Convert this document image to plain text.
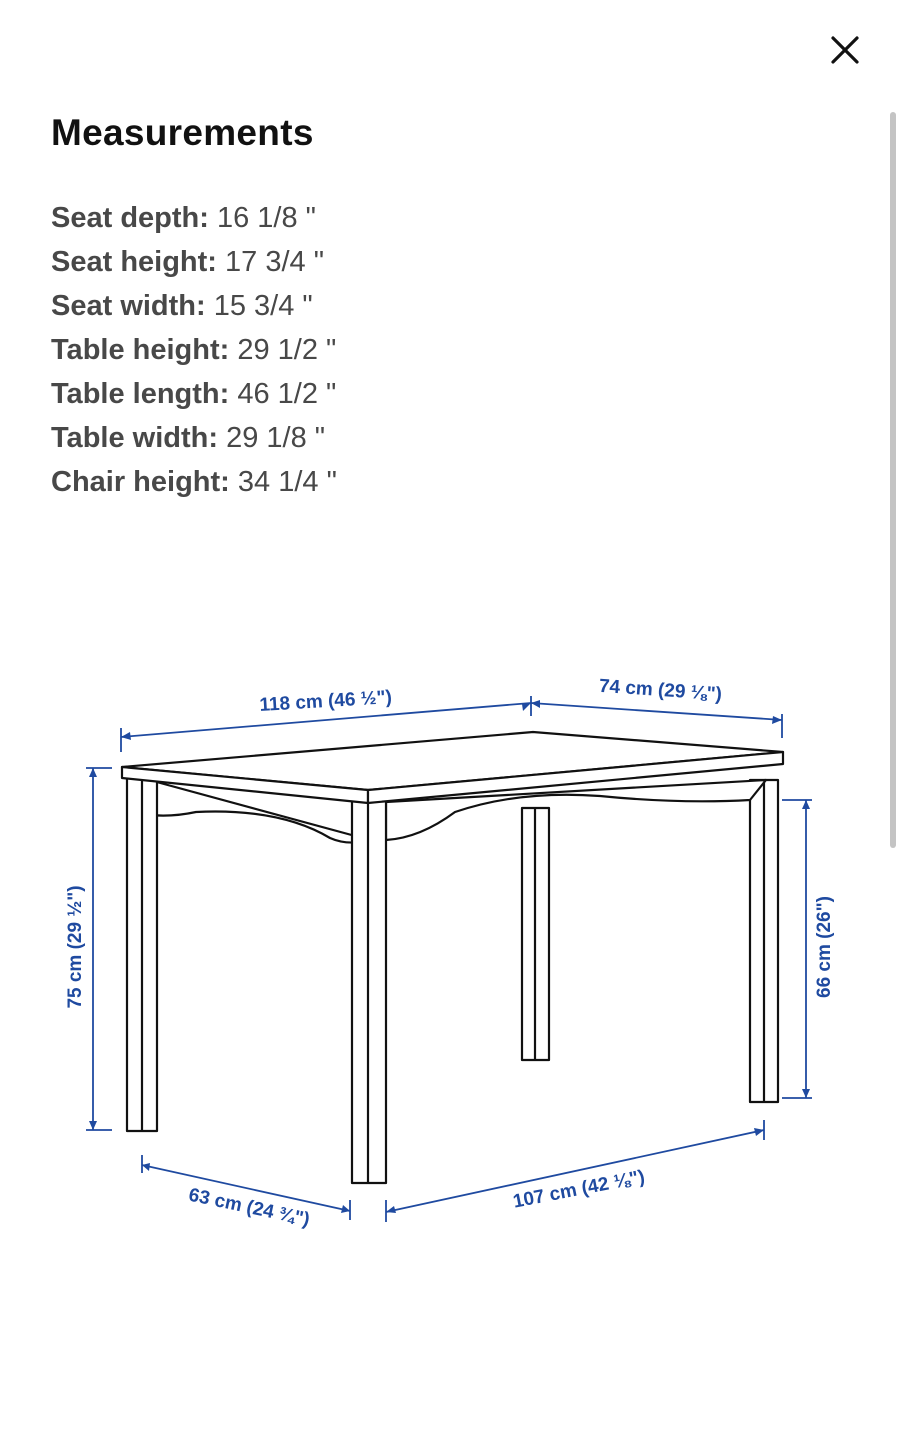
Measurements
Seat depth: 16 1/8 "
Seat height: 17 3/4 "
Seat width: 15 3/4 "
Table height: 29 1/2 "
Table length: 46 1/2 "
Table width: 29 1/8 "
Chair height: 34 1/4 "
118 cm (46 ½")	74 cm (29 ⅛")
75 cm (29 ½")	66 cm (26")
63 cm (24 ¾")	107 cm (42 ⅛")
